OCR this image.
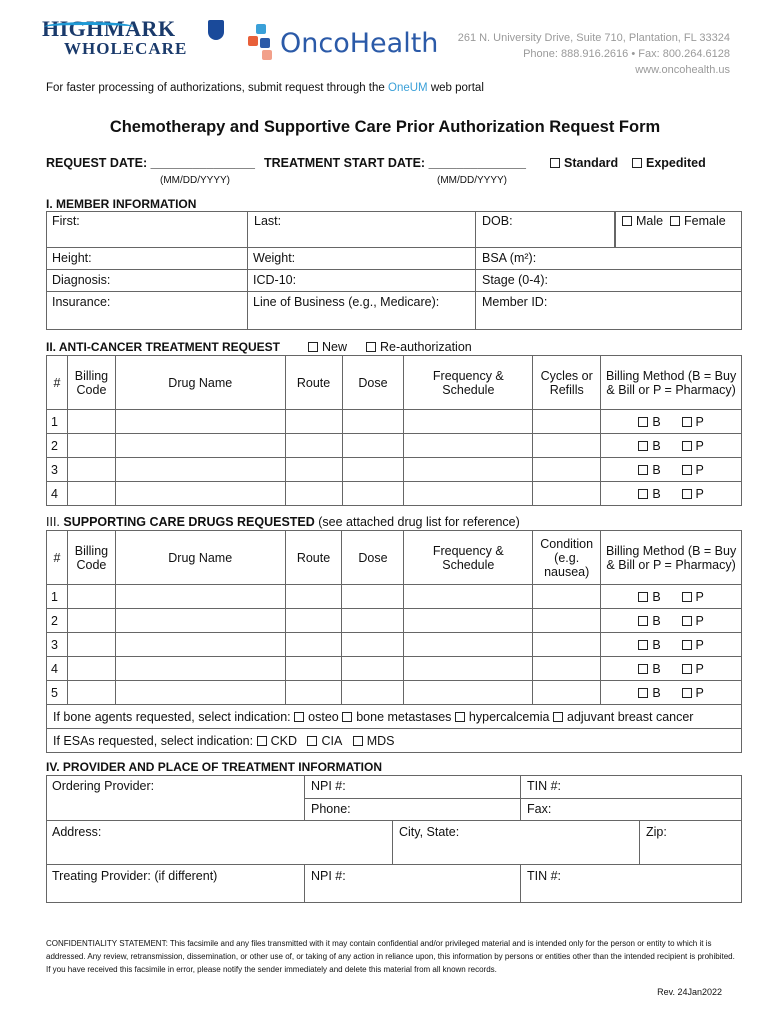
HIGHMARK
WHOLECARE	OncoHealth 261 N. University Drive, Suite 710, Plantation, FL 33324
Phone: 888.916.2616 • Fax: 800.264.6128
www.oncohealth.us
For faster processing of authorizations, submit request through the OneUM web portal
Chemotherapy and Supportive Care Prior Authorization Request Form
REQUEST DATE: _______________
(MM/DD/YYYY)
TREATMENT START DATE: ______________
(MM/DD/YYYY)
Standard	Expedited
I. MEMBER INFORMATION
First:	Last:	DOB:	Male Female
Height:	Weight:	BSA (m²):
Diagnosis:	ICD-10:	Stage (0-4):
Insurance:	Line of Business (e.g., Medicare):	Member ID:
II. ANTI-CANCER TREATMENT REQUEST	New	Re-authorization
#	Billing Code	Drug Name	Route	Dose	Frequency & Schedule	Cycles or Refills	Billing Method (B = Buy & Bill or P = Pharmacy)
1							B P
2							B P
3							B P
4							B P
III. SUPPORTING CARE DRUGS REQUESTED (see attached drug list for reference)
#	Billing Code	Drug Name	Route	Dose	Frequency & Schedule	Condition (e.g. nausea)	Billing Method (B = Buy & Bill or P = Pharmacy)
1							B P
2							B P
3							B P
4							B P
5							B P
If bone agents requested, select indication: osteo bone metastases hypercalcemia adjuvant breast cancer							
If ESAs requested, select indication: CKD CIA MDS							
IV. PROVIDER AND PLACE OF TREATMENT INFORMATION
Ordering Provider:	NPI #:	TIN #:
Phone:	Fax:
Address:	City, State:	Zip:
Treating Provider: (if different)	NPI #:	TIN #:
CONFIDENTIALITY STATEMENT: This facsimile and any files transmitted with it may contain confidential and/or privileged material and is intended only for the person or entity to which it is addressed. Any review, retransmission, dissemination, or other use of, or taking of any action in reliance upon, this information by persons or entities other than the intended recipient is prohibited. If you have received this facsimile in error, please notify the sender immediately and delete this material from all known records.
Rev. 24Jan2022
